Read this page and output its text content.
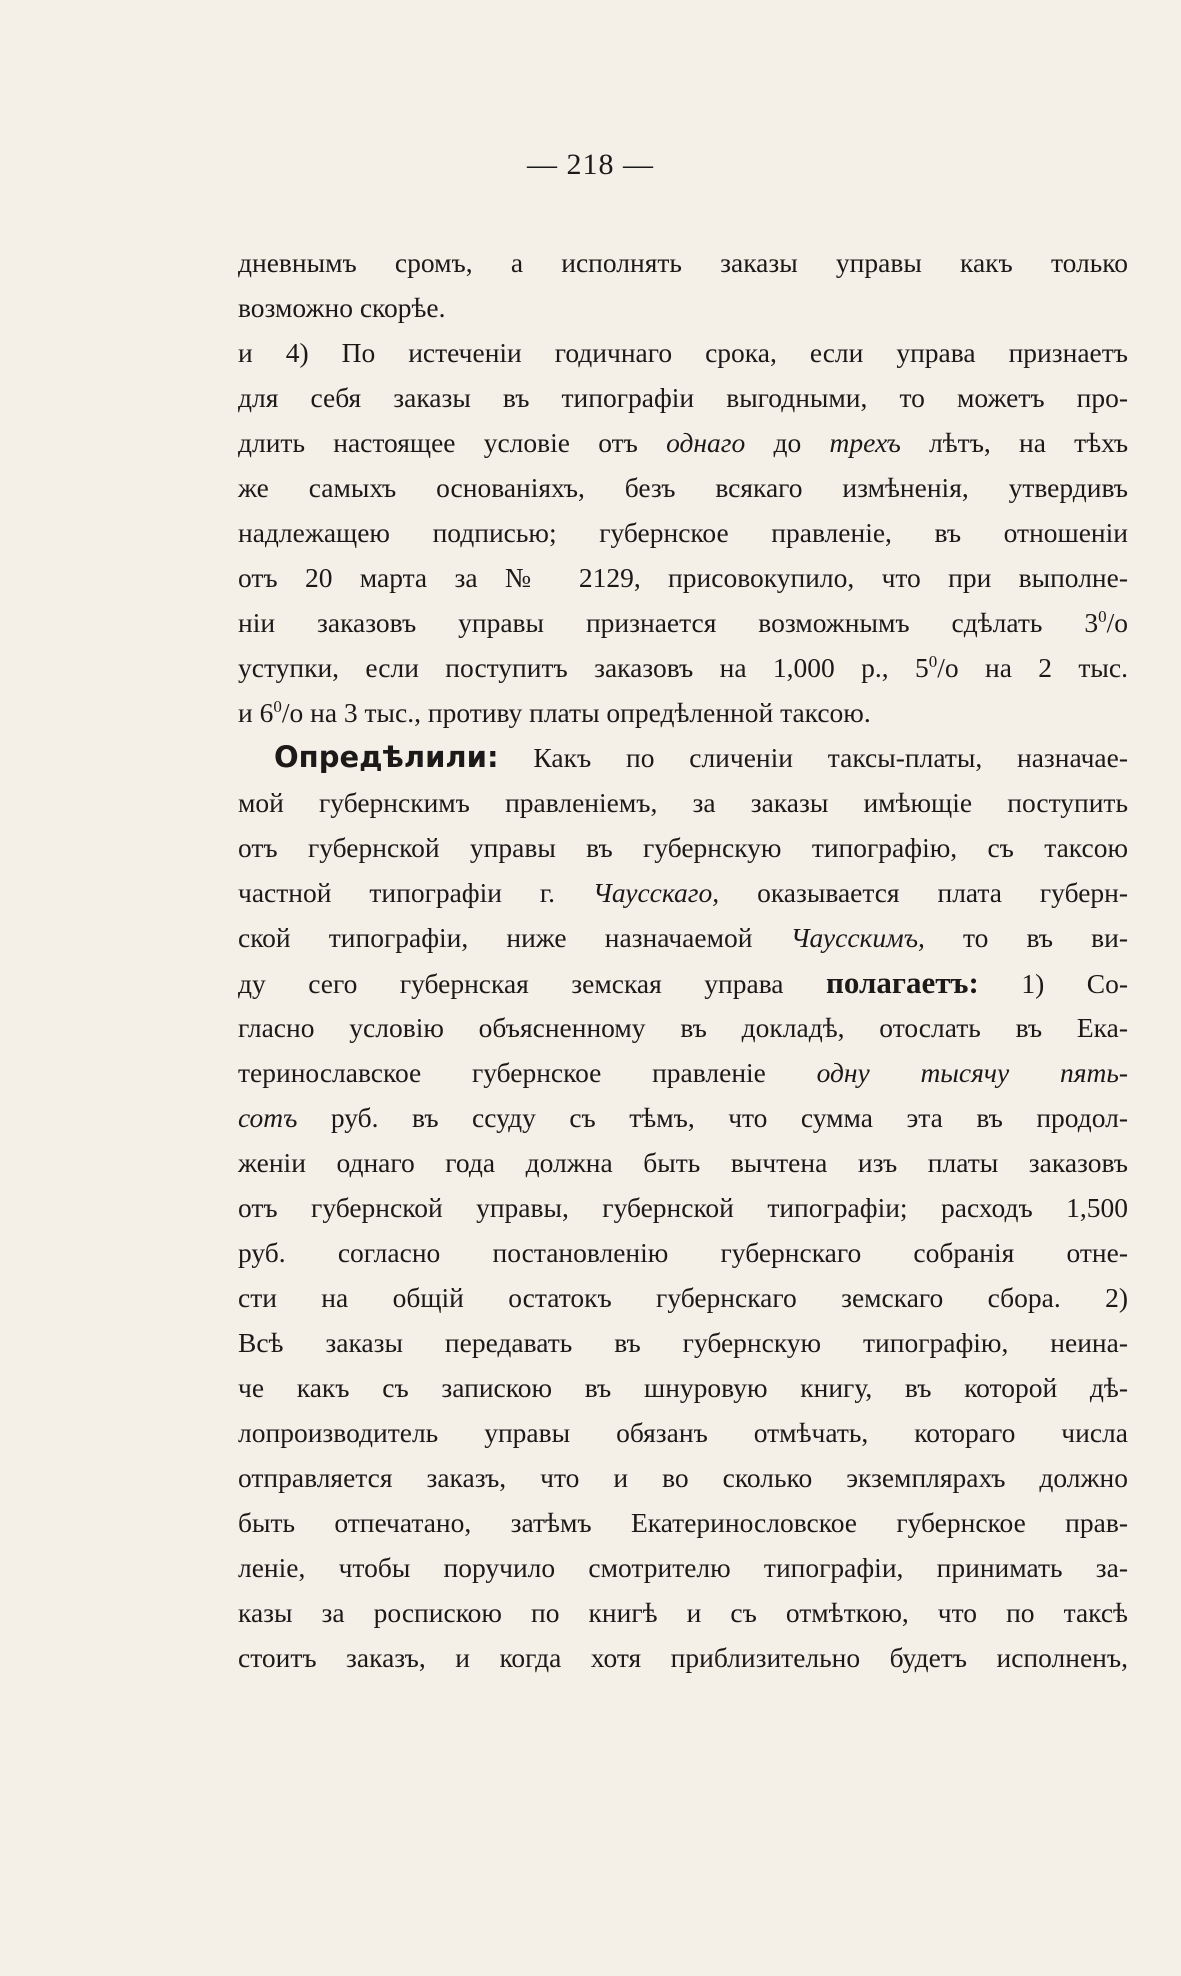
— 218 —
дневнымъ сромъ, а исполнять заказы управы какъ только
возможно скорѣе.
и 4) По истеченіи годичнаго срока, если управа признаетъ
для себя заказы въ типографіи выгодными, то можетъ про-
длить настоящее условіе отъ однаго до трехъ лѣтъ, на тѣхъ
же самыхъ основаніяхъ, безъ всякаго измѣненія, утвердивъ
надлежащею подписью; губернское правленіе, въ отношеніи
отъ 20 марта за № 2129, присовокупило, что при выполне-
ніи заказовъ управы признается возможнымъ сдѣлать $3^0/o$
уступки, если поступитъ заказовъ на 1,000 р., $5^0/o$ на 2 тыс.
и $6^0/o$ на 3 тыс., противу платы опредѣленной таксою.
Опредѣлили: Какъ по сличеніи таксы-платы, назначае-
мой губернскимъ правленіемъ, за заказы имѣющіе поступить
отъ губернской управы въ губернскую типографію, съ таксою
частной типографіи г. Чаусскаго, оказывается плата губерн-
ской типографіи, ниже назначаемой Чаусскимъ, то въ ви-
ду сего губернская земская управа полагаетъ: 1) Со-
гласно условію объясненному въ докладѣ, отослать въ Ека-
теринославское губернское правленіе одну тысячу пять-
сотъ руб. въ ссуду съ тѣмъ, что сумма эта въ продол-
женіи однаго года должна быть вычтена изъ платы заказовъ
отъ губернской управы, губернской типографіи; расходъ 1,500
руб. согласно постановленію губернскаго собранія отне-
сти на общій остатокъ губернскаго земскаго сбора. 2)
Всѣ заказы передавать въ губернскую типографію, неина-
че какъ съ запискою въ шнуровую книгу, въ которой дѣ-
лопроизводитель управы обязанъ отмѣчать, котораго числа
отправляется заказъ, что и во сколько экземплярахъ должно
быть отпечатано, затѣмъ Екатеринословское губернское прав-
леніе, чтобы поручило смотрителю типографіи, принимать за-
казы за роспискою по книгѣ и съ отмѣткою, что по таксѣ
стоитъ заказъ, и когда хотя приблизительно будетъ исполненъ,
